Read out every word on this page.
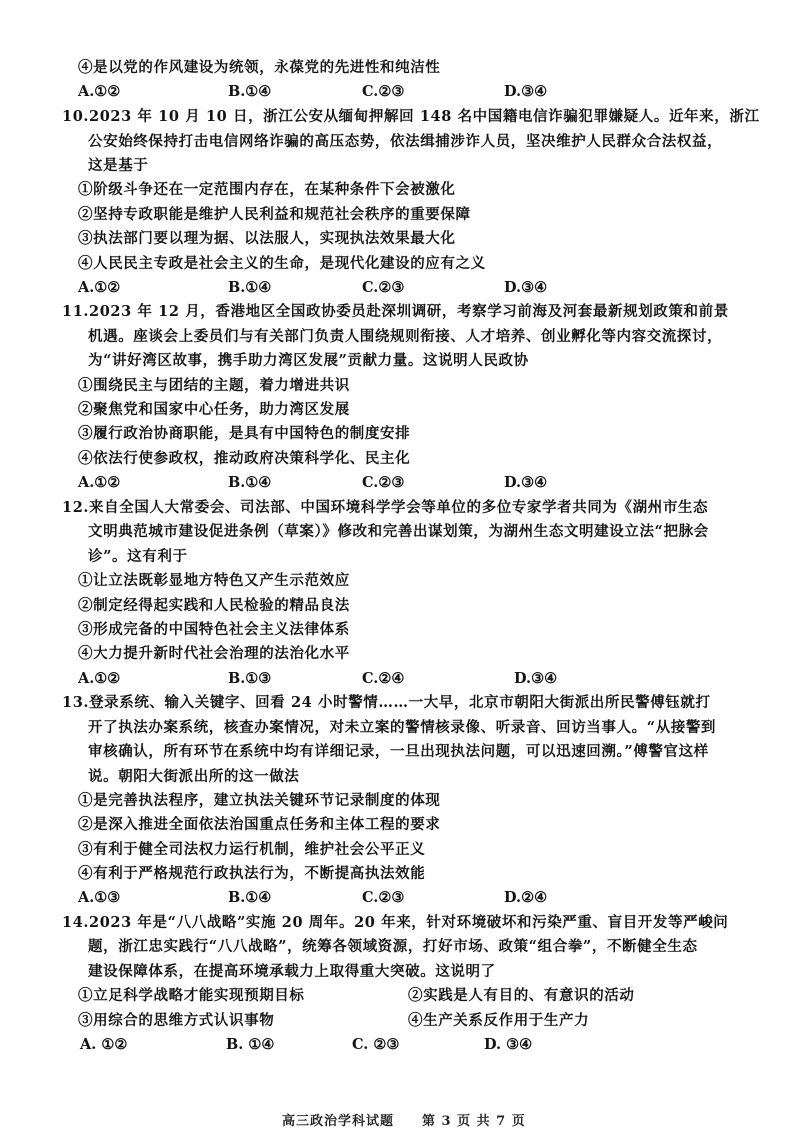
④是以党的作风建设为统领，永葆党的先进性和纯洁性
A.①②	B.①④	C.②③	D.③④
10.2023 年 10 月 10 日，浙江公安从缅甸押解回 148 名中国籍电信诈骗犯罪嫌疑人。近年来，浙江
公安始终保持打击电信网络诈骗的高压态势，依法缉捕涉诈人员，坚决维护人民群众合法权益，
这是基于
①阶级斗争还在一定范围内存在，在某种条件下会被激化
②坚持专政职能是维护人民利益和规范社会秩序的重要保障
③执法部门要以理为据、以法服人，实现执法效果最大化
④人民民主专政是社会主义的生命，是现代化建设的应有之义
A.①②	B.①④	C.②③	D.③④
11.2023 年 12 月，香港地区全国政协委员赴深圳调研，考察学习前海及河套最新规划政策和前景
机遇。座谈会上委员们与有关部门负责人围绕规则衔接、人才培养、创业孵化等内容交流探讨，
为“讲好湾区故事，携手助力湾区发展”贡献力量。这说明人民政协
①围绕民主与团结的主题，着力增进共识
②聚焦党和国家中心任务，助力湾区发展
③履行政治协商职能，是具有中国特色的制度安排
④依法行使参政权，推动政府决策科学化、民主化
A.①②	B.①④	C.②③	D.③④
12.来自全国人大常委会、司法部、中国环境科学学会等单位的多位专家学者共同为《湖州市生态
文明典范城市建设促进条例（草案）》修改和完善出谋划策，为湖州生态文明建设立法“把脉会
诊”。这有利于
①让立法既彰显地方特色又产生示范效应
②制定经得起实践和人民检验的精品良法
③形成完备的中国特色社会主义法律体系
④大力提升新时代社会治理的法治化水平
A.①②	B.①③	C.②④	D.③④
13.登录系统、输入关键字、回看 24 小时警情……一大早，北京市朝阳大街派出所民警傅钰就打
开了执法办案系统，核查办案情况，对未立案的警情核录像、听录音、回访当事人。“从接警到
审核确认，所有环节在系统中均有详细记录，一旦出现执法问题，可以迅速回溯。”傅警官这样
说。朝阳大街派出所的这一做法
①是完善执法程序，建立执法关键环节记录制度的体现
②是深入推进全面依法治国重点任务和主体工程的要求
③有利于健全司法权力运行机制，维护社会公平正义
④有利于严格规范行政执法行为，不断提高执法效能
A.①③	B.①④	C.②③	D.②④
14.2023 年是“八八战略”实施 20 周年。20 年来，针对环境破坏和污染严重、盲目开发等严峻问
题，浙江忠实践行“八八战略”，统筹各领域资源，打好市场、政策“组合拳”，不断健全生态
建设保障体系，在提高环境承载力上取得重大突破。这说明了
①立足科学战略才能实现预期目标	②实践是人有目的、有意识的活动
③用综合的思维方式认识事物	④生产关系反作用于生产力
A. ①②	B. ①④	C. ②③	D. ③④
高三政治学科试题　　第 3 页 共 7 页
